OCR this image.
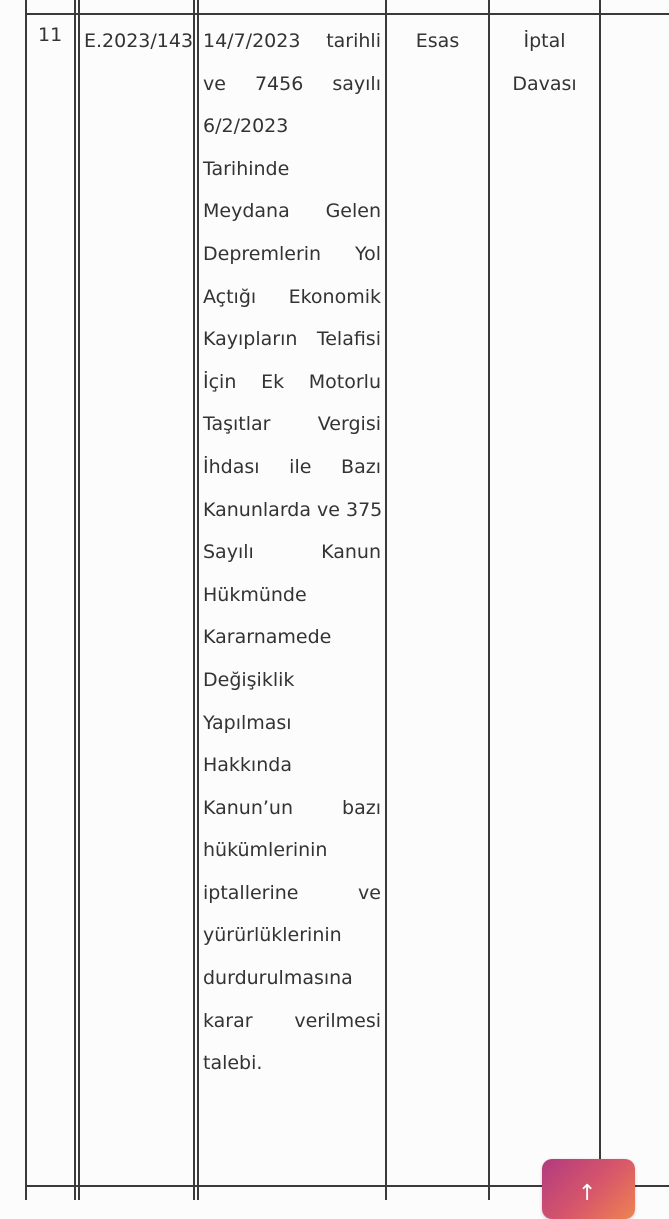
11 E.2023/143 14/7/2023 tarihli
ve 7456 sayılı
6/2/2023
Tarihinde
Meydana Gelen
Depremlerin Yol
Açtığı Ekonomik
Kayıpların Telafisi
İçin Ek Motorlu
Taşıtlar Vergisi
İhdası ile Bazı
Kanunlarda ve 375
Sayılı Kanun
Hükmünde
Kararnamede
Değişiklik
Yapılması
Hakkında
Kanun’un bazı
hükümlerinin
iptallerine ve
yürürlüklerinin
durdurulmasına
karar verilmesi
talebi.
Esas	İptal
Davası
↑
